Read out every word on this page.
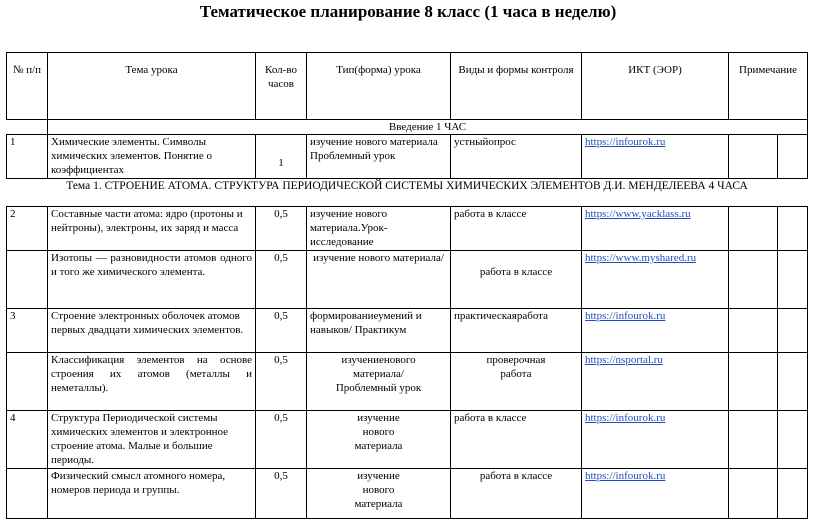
Тематическое планирование 8 класс (1 часа в неделю)
№ п/п	Тема урока	Кол-во часов	Тип(форма) урока	Виды и формы контроля	ИКТ (ЭОР)	Примечание	
	Введение 1 ЧАС						
1	Химические элементы. Символы химических элементов. Понятие о коэффициентах	1	изучение нового материала Проблемный урок	устныйопрос	https://infourok.ru		
Тема 1. СТРОЕНИЕ АТОМА. СТРУКТУРА ПЕРИОДИЧЕСКОЙ СИСТЕМЫ ХИМИЧЕСКИХ ЭЛЕМЕНТОВ Д.И. МЕНДЕЛЕЕВА 4 ЧАСА							
2	Составные части атома: ядро (протоны и нейтроны), электроны, их заряд и масса	0,5	изучение нового материала.Урок-исследование	работа в классе	https://www.yacklass.ru		
	Изотопы — разновидности атомов одного и того же химического элемента.	0,5	изучение нового материала/	работа в классе	https://www.myshared.ru		
3	Строение электронных оболочек атомов первых двадцати химических элементов.	0,5	формированиеумений и навыков/ Практикум	практическаяработа	https://infourok.ru		
	Классификация элементов на основе строения их атомов (металлы и неметаллы).	0,5	изучениенового материала/ Проблемный урок	проверочная работа	https://nsportal.ru		
4	Структура Периодической системы химических элементов и электронное строение атома. Малые и большие периоды.	0,5	изучение нового материала	работа в классе	https://infourok.ru		
	Физический смысл атомного номера, номеров периода и группы.	0,5	изучение нового материала	работа в классе	https://infourok.ru		
